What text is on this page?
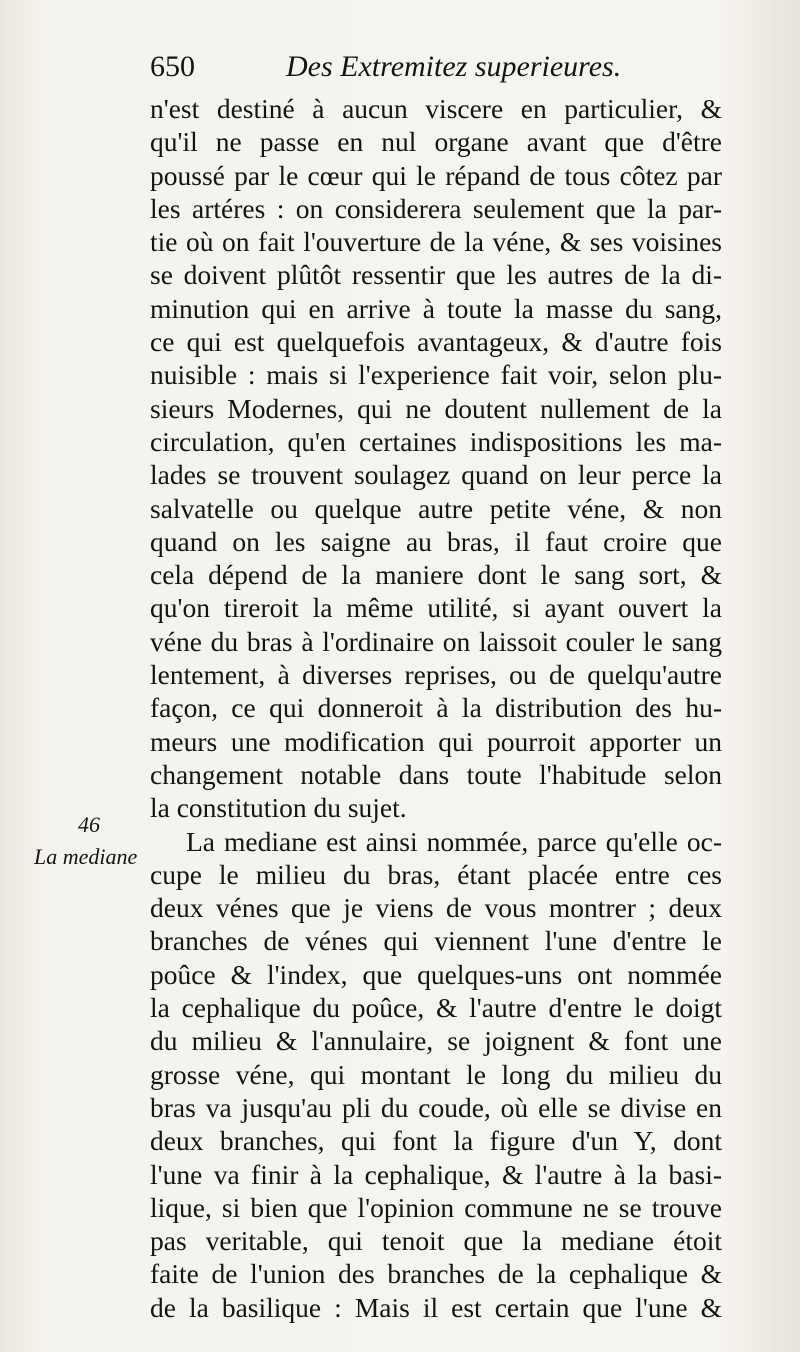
650	Des Extremitez superieures.
46
La mediane
n'est destiné à aucun viscere en particulier, &
qu'il ne passe en nul organe avant que d'être
poussé par le cœur qui le répand de tous côtez par
les artéres : on considerera seulement que la par-
tie où on fait l'ouverture de la véne, & ses voisines
se doivent plûtôt ressentir que les autres de la di-
minution qui en arrive à toute la masse du sang,
ce qui est quelquefois avantageux, & d'autre fois
nuisible : mais si l'experience fait voir, selon plu-
sieurs Modernes, qui ne doutent nullement de la
circulation, qu'en certaines indispositions les ma-
lades se trouvent soulagez quand on leur perce la
salvatelle ou quelque autre petite véne, & non
quand on les saigne au bras, il faut croire que
cela dépend de la maniere dont le sang sort, &
qu'on tireroit la même utilité, si ayant ouvert la
véne du bras à l'ordinaire on laissoit couler le sang
lentement, à diverses reprises, ou de quelqu'autre
façon, ce qui donneroit à la distribution des hu-
meurs une modification qui pourroit apporter un
changement notable dans toute l'habitude selon
la constitution du sujet.
La mediane est ainsi nommée, parce qu'elle oc-
cupe le milieu du bras, étant placée entre ces
deux vénes que je viens de vous montrer ; deux
branches de vénes qui viennent l'une d'entre le
poûce & l'index, que quelques-uns ont nommée
la cephalique du poûce, & l'autre d'entre le doigt
du milieu & l'annulaire, se joignent & font une
grosse véne, qui montant le long du milieu du
bras va jusqu'au pli du coude, où elle se divise en
deux branches, qui font la figure d'un Y, dont
l'une va finir à la cephalique, & l'autre à la basi-
lique, si bien que l'opinion commune ne se trouve
pas veritable, qui tenoit que la mediane étoit
faite de l'union des branches de la cephalique &
de la basilique : Mais il est certain que l'une &
